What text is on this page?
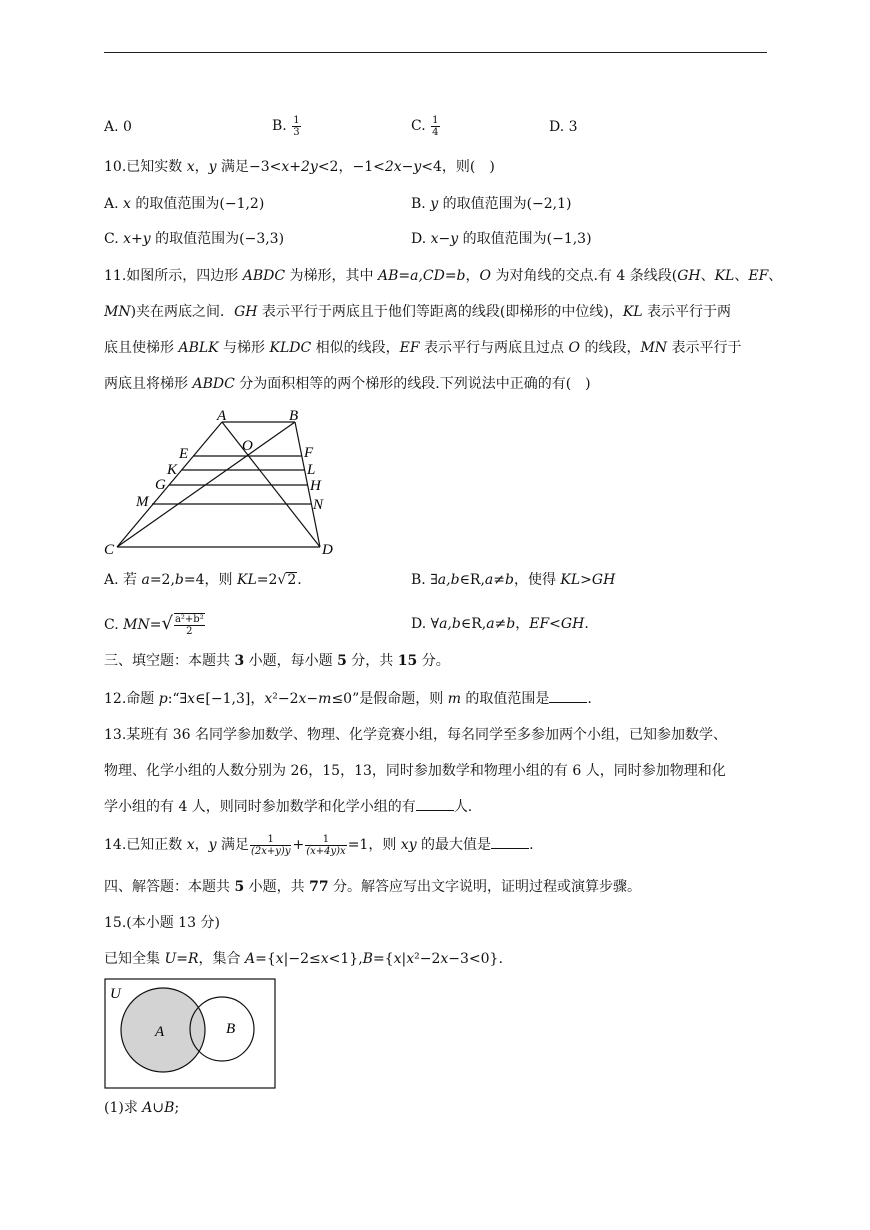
A. 0	B. $\frac{1}{3}$	C. $\frac{1}{4}$	D. 3
10.已知实数 x，y 满足−3<x+2y<2，−1<2x−y<4，则(　)
A. x 的取值范围为(−1,2)	B. y 的取值范围为(−2,1)
C. x+y 的取值范围为(−3,3)	D. x−y 的取值范围为(−1,3)
11.如图所示，四边形 ABDC 为梯形，其中 AB=a,CD=b，O 为对角线的交点.有 4 条线段(GH、KL、EF、
MN)夹在两底之间．GH 表示平行于两底且于他们等距离的线段(即梯形的中位线)，KL 表示平行于两
底且使梯形 ABLK 与梯形 KLDC 相似的线段，EF 表示平行与两底且过点 O 的线段，MN 表示平行于
两底且将梯形 ABDC 分为面积相等的两个梯形的线段.下列说法中正确的有(　)
A	B
O
E	F
K	L
G	H
M	N
C	D
A. 若 a=2,b=4，则 KL=2√2.	B. ∃a,b∈R,a≠b，使得 KL>GH
C. $MN=√ \frac{\text{a²+b²}}{2}$	D. ∀a,b∈R,a≠b，EF<GH.
三、填空题：本题共 3 小题，每小题 5 分，共 15 分。
12.命题 p:“∃x∈[−1,3]，x²−2x−m≤0”是假命题，则 m 的取值范围是	.
13.某班有 36 名同学参加数学、物理、化学竞赛小组，每名同学至多参加两个小组，已知参加数学、
物理、化学小组的人数分别为 26，15，13，同时参加数学和物理小组的有 6 人，同时参加物理和化
学小组的有 4 人，则同时参加数学和化学小组的有	人.
14.已知正数 x，y 满足 $\frac{1}{(2x+y)y} + \frac{1}{(x+4y)x} =1$，则 xy 的最大值是	.
四、解答题：本题共 5 小题，共 77 分。解答应写出文字说明，证明过程或演算步骤。
15.(本小题 13 分)
已知全集 U=R，集合 A={x|−2≤x<1},B={x|x²−2x−3<0}.
U
A	B
(1)求 A∪B;
